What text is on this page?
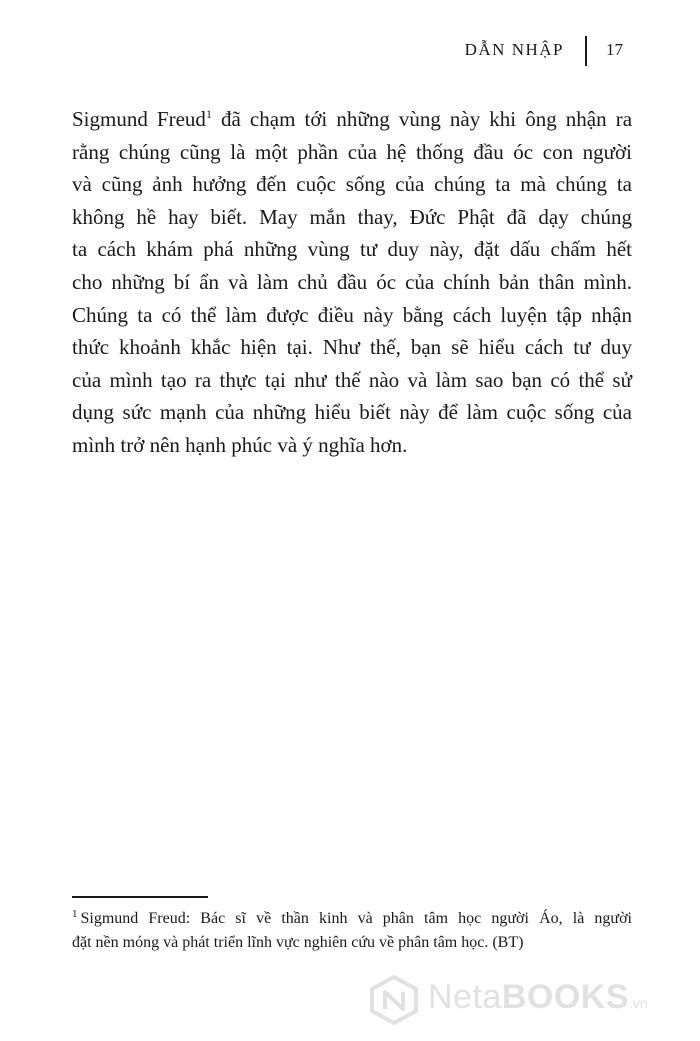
DẪN NHẬP 17
Sigmund Freud$^1$ đã chạm tới những vùng này khi ông nhận ra
rằng chúng cũng là một phần của hệ thống đầu óc con người
và cũng ảnh hưởng đến cuộc sống của chúng ta mà chúng ta
không hề hay biết. May mắn thay, Đức Phật đã dạy chúng
ta cách khám phá những vùng tư duy này, đặt dấu chấm hết
cho những bí ẩn và làm chủ đầu óc của chính bản thân mình.
Chúng ta có thể làm được điều này bằng cách luyện tập nhận
thức khoảnh khắc hiện tại. Như thế, bạn sẽ hiểu cách tư duy
của mình tạo ra thực tại như thế nào và làm sao bạn có thể sử
dụng sức mạnh của những hiểu biết này để làm cuộc sống của
mình trở nên hạnh phúc và ý nghĩa hơn.
$^1$ Sigmund Freud: Bác sĩ về thần kinh và phân tâm học người Áo, là người
đặt nền móng và phát triển lĩnh vực nghiên cứu về phân tâm học. (BT)
NetaBOOKS.vn
